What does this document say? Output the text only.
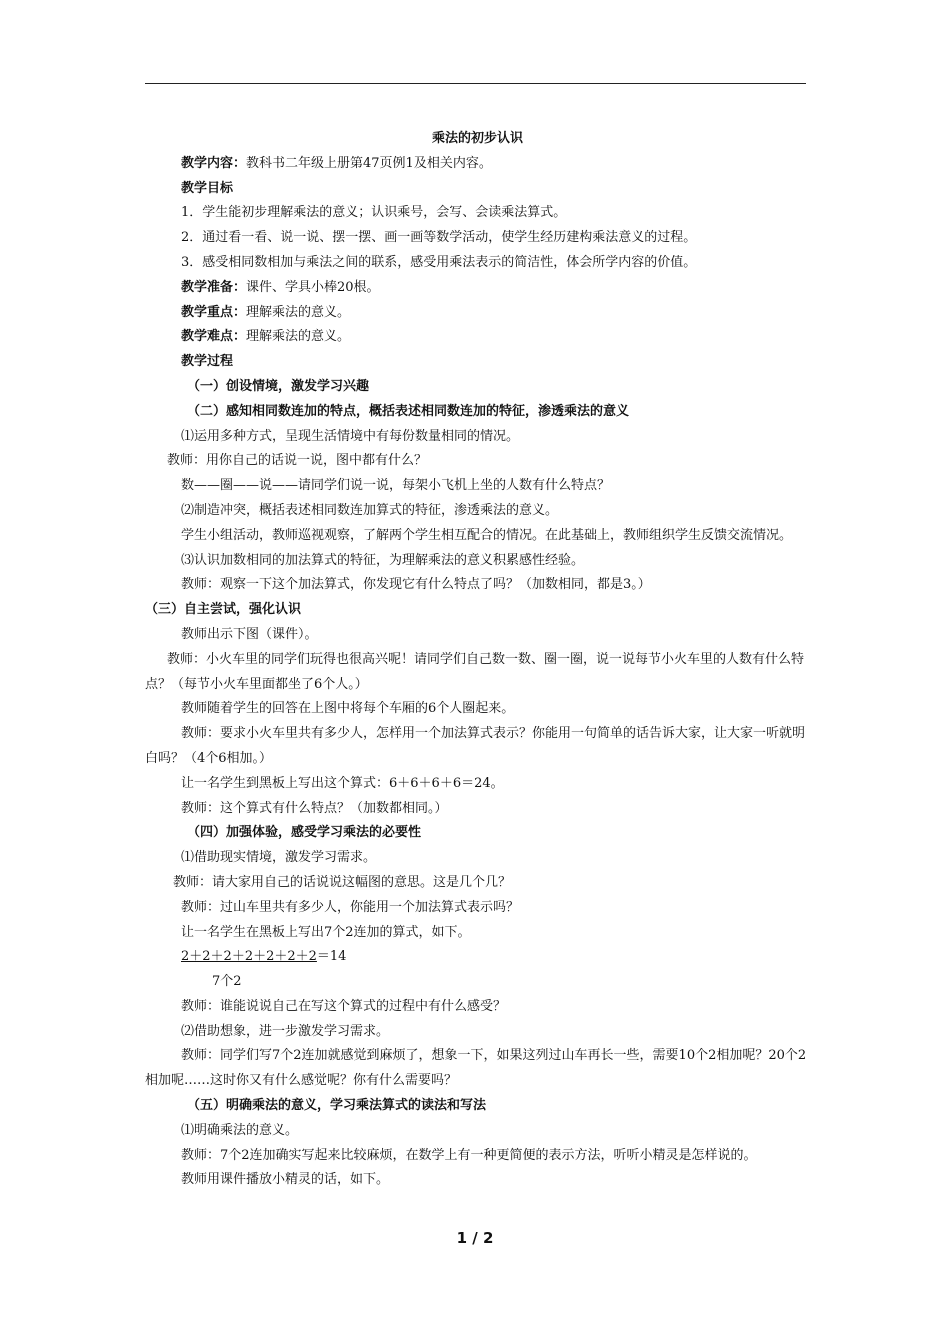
乘法的初步认识
教学内容：教科书二年级上册第47页例1及相关内容。
教学目标
1．学生能初步理解乘法的意义；认识乘号，会写、会读乘法算式。
2．通过看一看、说一说、摆一摆、画一画等数学活动，使学生经历建构乘法意义的过程。
3．感受相同数相加与乘法之间的联系，感受用乘法表示的简洁性，体会所学内容的价值。
教学准备：课件、学具小棒20根。
教学重点：理解乘法的意义。
教学难点：理解乘法的意义。
教学过程
（一）创设情境，激发学习兴趣
（二）感知相同数连加的特点，概括表述相同数连加的特征，渗透乘法的意义
⑴运用多种方式，呈现生活情境中有每份数量相同的情况。
教师：用你自己的话说一说，图中都有什么？
数——圈——说——请同学们说一说，每架小飞机上坐的人数有什么特点？
⑵制造冲突，概括表述相同数连加算式的特征，渗透乘法的意义。
学生小组活动，教师巡视观察，了解两个学生相互配合的情况。在此基础上，教师组织学生反馈交流情况。
⑶认识加数相同的加法算式的特征，为理解乘法的意义积累感性经验。
教师：观察一下这个加法算式，你发现它有什么特点了吗？（加数相同，都是3。）
（三）自主尝试，强化认识
教师出示下图（课件）。
教师：小火车里的同学们玩得也很高兴呢！请同学们自己数一数、圈一圈，说一说每节小火车里的人数有什么特点？（每节小火车里面都坐了6个人。）
教师随着学生的回答在上图中将每个车厢的6个人圈起来。
教师：要求小火车里共有多少人，怎样用一个加法算式表示？你能用一句简单的话告诉大家，让大家一听就明白吗？（4个6相加。）
让一名学生到黑板上写出这个算式：6＋6＋6＋6＝24。
教师：这个算式有什么特点？（加数都相同。）
（四）加强体验，感受学习乘法的必要性
⑴借助现实情境，激发学习需求。
教师：请大家用自己的话说说这幅图的意思。这是几个几？
教师：过山车里共有多少人，你能用一个加法算式表示吗？
让一名学生在黑板上写出7个2连加的算式，如下。
2＋2＋2＋2＋2＋2＋2＝14
7个2
教师：谁能说说自己在写这个算式的过程中有什么感受？
⑵借助想象，进一步激发学习需求。
教师：同学们写7个2连加就感觉到麻烦了，想象一下，如果这列过山车再长一些，需要10个2相加呢？20个2相加呢……这时你又有什么感觉呢？你有什么需要吗？
（五）明确乘法的意义，学习乘法算式的读法和写法
⑴明确乘法的意义。
教师：7个2连加确实写起来比较麻烦，在数学上有一种更简便的表示方法，听听小精灵是怎样说的。
教师用课件播放小精灵的话，如下。
1 / 2
